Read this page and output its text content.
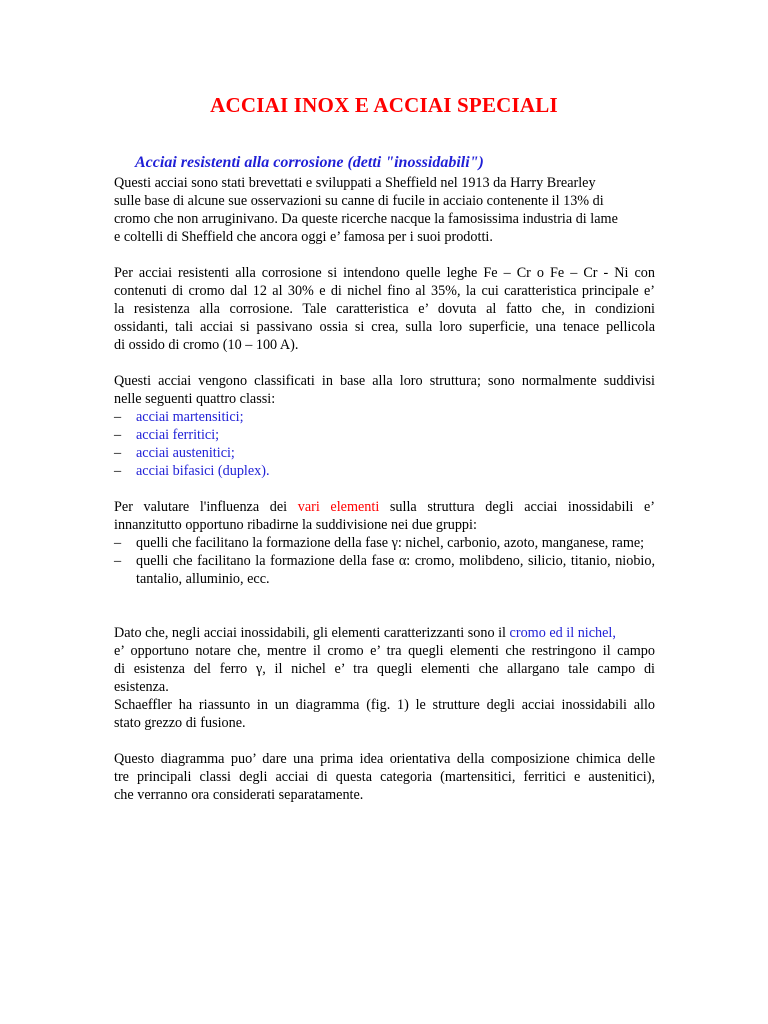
ACCIAI INOX E ACCIAI SPECIALI
Acciai resistenti alla corrosione (detti "inossidabili")
Questi acciai sono stati brevettati e sviluppati a Sheffield nel 1913 da Harry Brearley
sulle base di alcune sue osservazioni su canne di fucile in acciaio contenente il 13% di
cromo che non arruginivano. Da queste ricerche nacque la famosissima industria di lame
e coltelli di Sheffield che ancora oggi e’ famosa per i suoi prodotti.
Per acciai resistenti alla corrosione si intendono quelle leghe Fe – Cr o Fe – Cr - Ni con
contenuti di cromo dal 12 al 30% e di nichel fino al 35%, la cui caratteristica principale e’
la resistenza alla corrosione. Tale caratteristica e’ dovuta al fatto che, in condizioni
ossidanti, tali acciai si passivano ossia si crea, sulla loro superficie, una tenace pellicola
di ossido di cromo (10 – 100 A).
Questi acciai vengono classificati in base alla loro struttura; sono normalmente suddivisi
nelle seguenti quattro classi:
– acciai martensitici;
– acciai ferritici;
– acciai austenitici;
– acciai bifasici (duplex).
Per valutare l'influenza dei vari elementi sulla struttura degli acciai inossidabili e’
innanzitutto opportuno ribadirne la suddivisione nei due gruppi:
– quelli che facilitano la formazione della fase γ: nichel, carbonio, azoto, manganese, rame;
– quelli che facilitano la formazione della fase α: cromo, molibdeno, silicio, titanio, niobio, tantalio, alluminio, ecc.
Dato che, negli acciai inossidabili, gli elementi caratterizzanti sono il cromo ed il nichel,
e’ opportuno notare che, mentre il cromo e’ tra quegli elementi che restringono il campo
di esistenza del ferro γ, il nichel e’ tra quegli elementi che allargano tale campo di
esistenza.
Schaeffler ha riassunto in un diagramma (fig. 1) le strutture degli acciai inossidabili allo
stato grezzo di fusione.
Questo diagramma puo’ dare una prima idea orientativa della composizione chimica delle
tre principali classi degli acciai di questa categoria (martensitici, ferritici e austenitici),
che verranno ora considerati separatamente.
